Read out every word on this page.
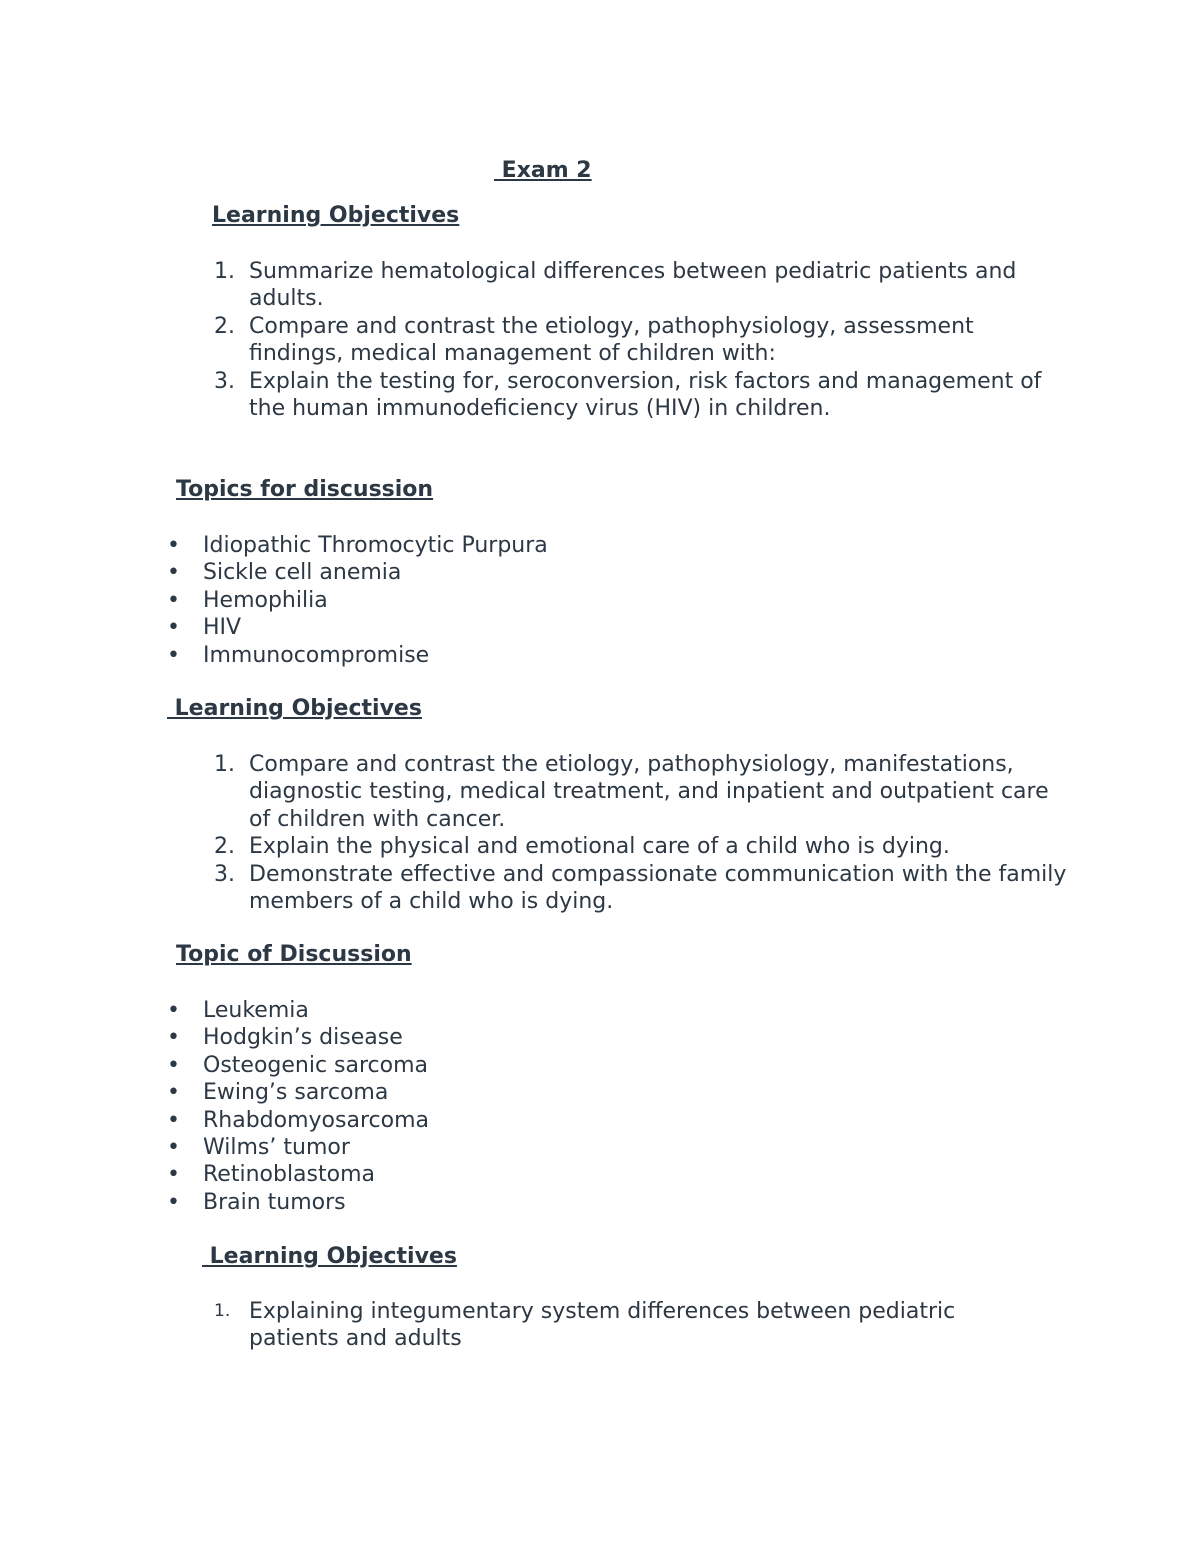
Exam 2
Learning Objectives
1. Summarize hematological differences between pediatric patients and adults.
2. Compare and contrast the etiology, pathophysiology, assessment findings, medical management of children with:
3. Explain the testing for, seroconversion, risk factors and management of the human immunodeficiency virus (HIV) in children.
Topics for discussion
• Idiopathic Thromocytic Purpura
• Sickle cell anemia
• Hemophilia
• HIV
• Immunocompromise
Learning Objectives
1. Compare and contrast the etiology, pathophysiology, manifestations, diagnostic testing, medical treatment, and inpatient and outpatient care of children with cancer.
2. Explain the physical and emotional care of a child who is dying.
3. Demonstrate effective and compassionate communication with the family members of a child who is dying.
Topic of Discussion
• Leukemia
• Hodgkin’s disease
• Osteogenic sarcoma
• Ewing’s sarcoma
• Rhabdomyosarcoma
• Wilms’ tumor
• Retinoblastoma
• Brain tumors
Learning Objectives
1. Explaining integumentary system differences between pediatric patients and adults
